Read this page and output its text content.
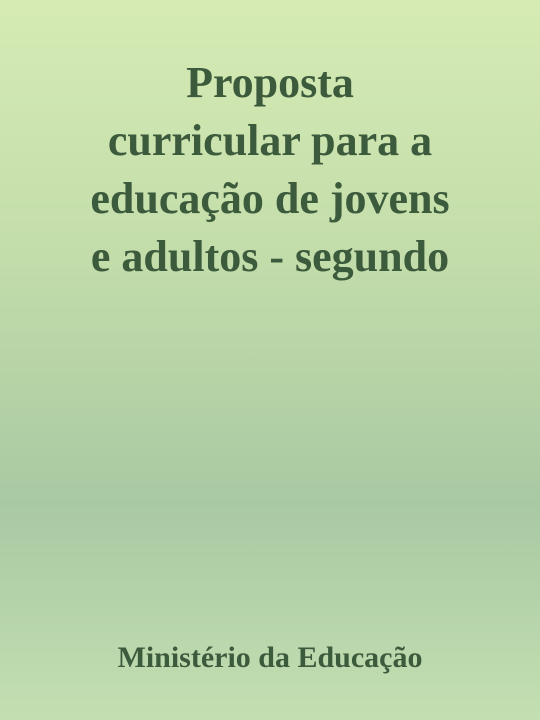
Proposta
curricular para a
educação de jovens
e adultos - segundo

Ministério da Educação
